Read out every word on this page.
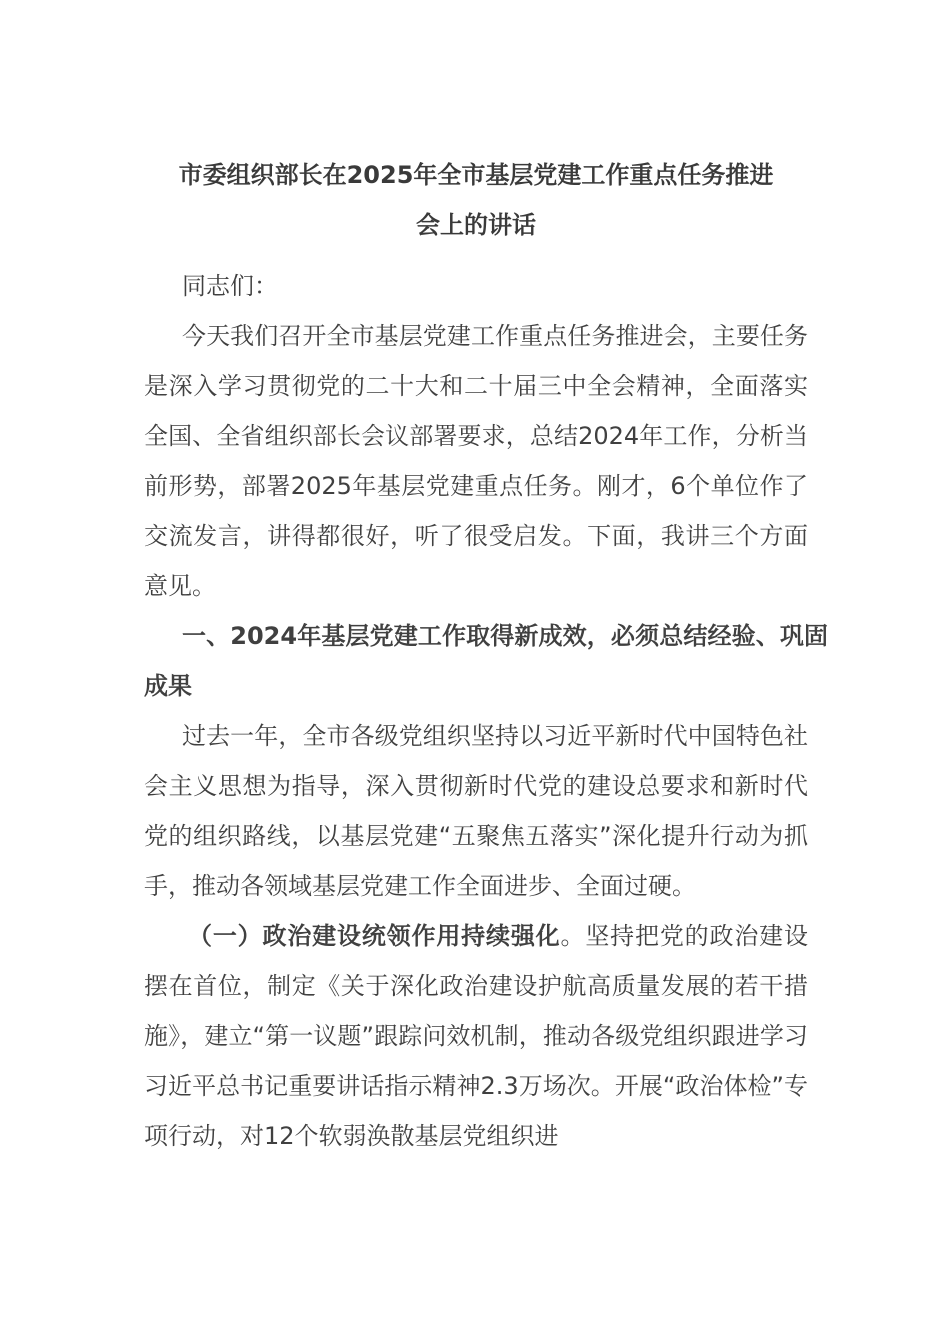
市委组织部长在2025年全市基层党建工作重点任务推进
会上的讲话

同志们：

今天我们召开全市基层党建工作重点任务推进会，主要任务是深入学习贯彻党的二十大和二十届三中全会精神，全面落实全国、全省组织部长会议部署要求，总结2024年工作，分析当前形势，部署2025年基层党建重点任务。刚才，6个单位作了交流发言，讲得都很好，听了很受启发。下面，我讲三个方面意见。

一、2024年基层党建工作取得新成效，必须总结经验、巩固成果

过去一年，全市各级党组织坚持以习近平新时代中国特色社会主义思想为指导，深入贯彻新时代党的建设总要求和新时代党的组织路线，以基层党建“五聚焦五落实”深化提升行动为抓手，推动各领域基层党建工作全面进步、全面过硬。

（一）政治建设统领作用持续强化。坚持把党的政治建设摆在首位，制定《关于深化政治建设护航高质量发展的若干措施》，建立“第一议题”跟踪问效机制，推动各级党组织跟进学习习近平总书记重要讲话指示精神2.3万场次。开展“政治体检”专项行动，对12个软弱涣散基层党组织进
